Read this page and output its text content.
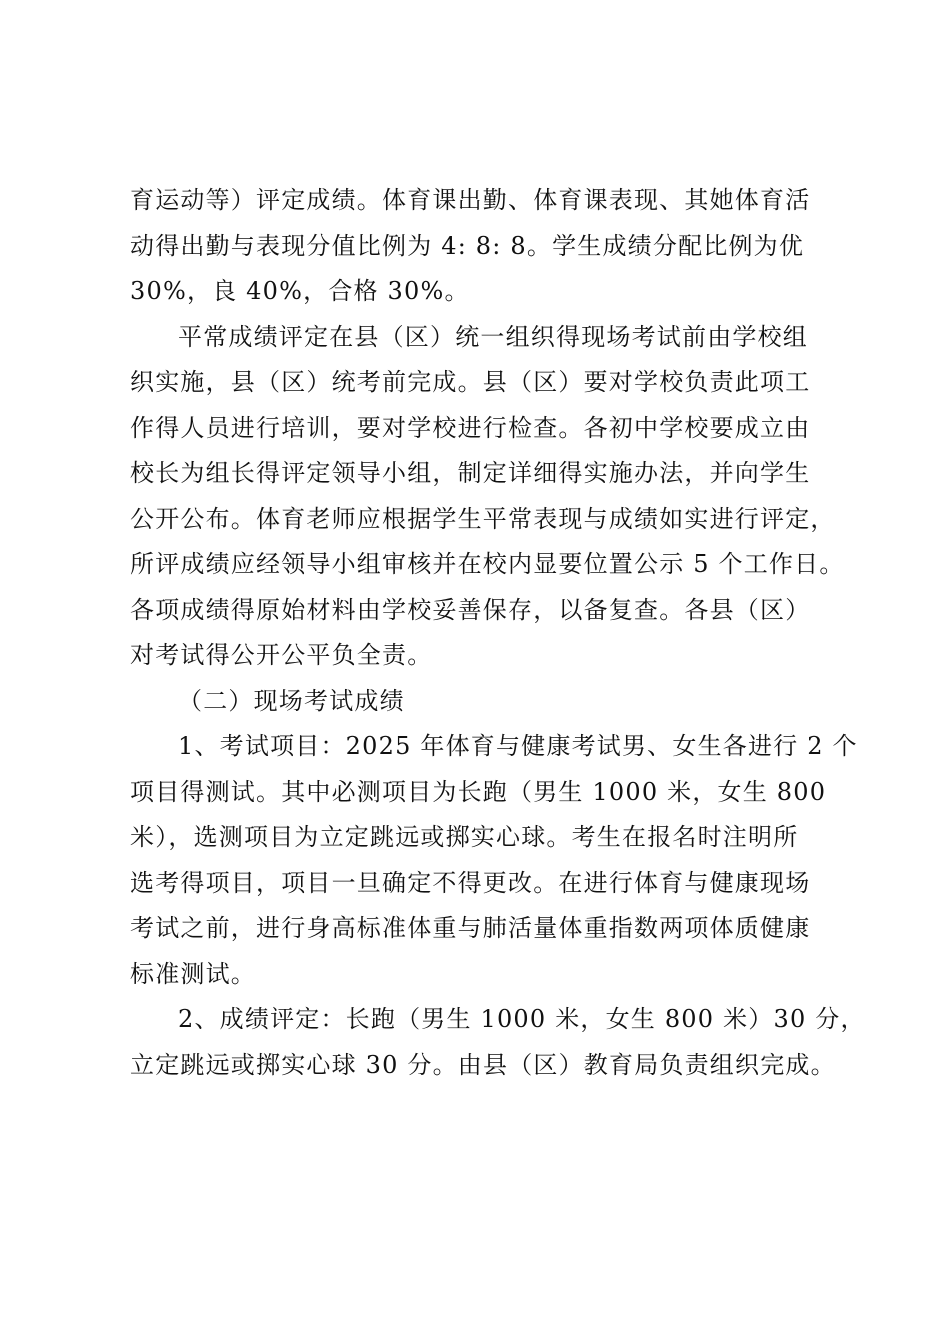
育运动等）评定成绩。体育课出勤、体育课表现、其她体育活
动得出勤与表现分值比例为 4: 8: 8。学生成绩分配比例为优
30%，良 40%，合格 30%。
平常成绩评定在县（区）统一组织得现场考试前由学校组
织实施，县（区）统考前完成。县（区）要对学校负责此项工
作得人员进行培训，要对学校进行检查。各初中学校要成立由
校长为组长得评定领导小组，制定详细得实施办法，并向学生
公开公布。体育老师应根据学生平常表现与成绩如实进行评定，
所评成绩应经领导小组审核并在校内显要位置公示 5 个工作日。
各项成绩得原始材料由学校妥善保存，以备复查。各县（区）
对考试得公开公平负全责。
（二）现场考试成绩
1、考试项目：2025 年体育与健康考试男、女生各进行 2 个
项目得测试。其中必测项目为长跑（男生 1000 米，女生 800
米），选测项目为立定跳远或掷实心球。考生在报名时注明所
选考得项目，项目一旦确定不得更改。在进行体育与健康现场
考试之前，进行身高标准体重与肺活量体重指数两项体质健康
标准测试。
2、成绩评定：长跑（男生 1000 米，女生 800 米）30 分，
立定跳远或掷实心球 30 分。由县（区）教育局负责组织完成。
